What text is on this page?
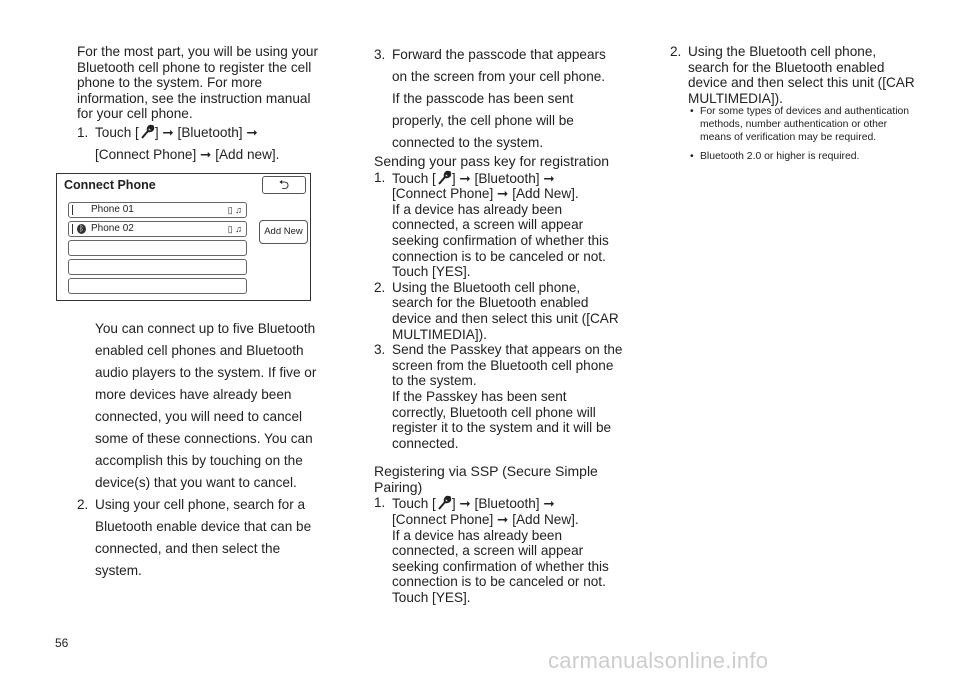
For the most part, you will be using your Bluetooth cell phone to register the cell phone to the system. For more information, see the instruction manual for your cell phone.

1. Touch [ ] ➞ [Bluetooth] ➞
[Connect Phone] ➞ [Add new].
Connect Phone	⮌
Phone 01	▯ ♫
ᛒ Phone 02	▯ ♫	Add New

You can connect up to five Bluetooth enabled cell phones and Bluetooth audio players to the system. If five or more devices have already been connected, you will need to cancel some of these connections. You can accomplish this by touching on the device(s) that you want to cancel.

2. Using your cell phone, search for a Bluetooth enable device that can be connected, and then select the system.
3. Forward the passcode that appears on the screen from your cell phone.
If the passcode has been sent properly, the cell phone will be connected to the system.

Sending your pass key for registration

1. Touch [ ] ➞ [Bluetooth] ➞
[Connect Phone] ➞ [Add New].
If a device has already been connected, a screen will appear seeking confirmation of whether this connection is to be canceled or not. Touch [YES].
2. Using the Bluetooth cell phone, search for the Bluetooth enabled device and then select this unit ([CAR MULTIMEDIA]).
3. Send the Passkey that appears on the screen from the Bluetooth cell phone to the system.
If the Passkey has been sent correctly, Bluetooth cell phone will register it to the system and it will be connected.

Registering via SSP (Secure Simple Pairing)

1. Touch [ ] ➞ [Bluetooth] ➞
[Connect Phone] ➞ [Add New].
If a device has already been connected, a screen will appear seeking confirmation of whether this connection is to be canceled or not. Touch [YES].
2. Using the Bluetooth cell phone, search for the Bluetooth enabled device and then select this unit ([CAR MULTIMEDIA]).
• For some types of devices and authentication methods, number authentication or other means of verification may be required.
• Bluetooth 2.0 or higher is required.
56
carmanualsonline.info
